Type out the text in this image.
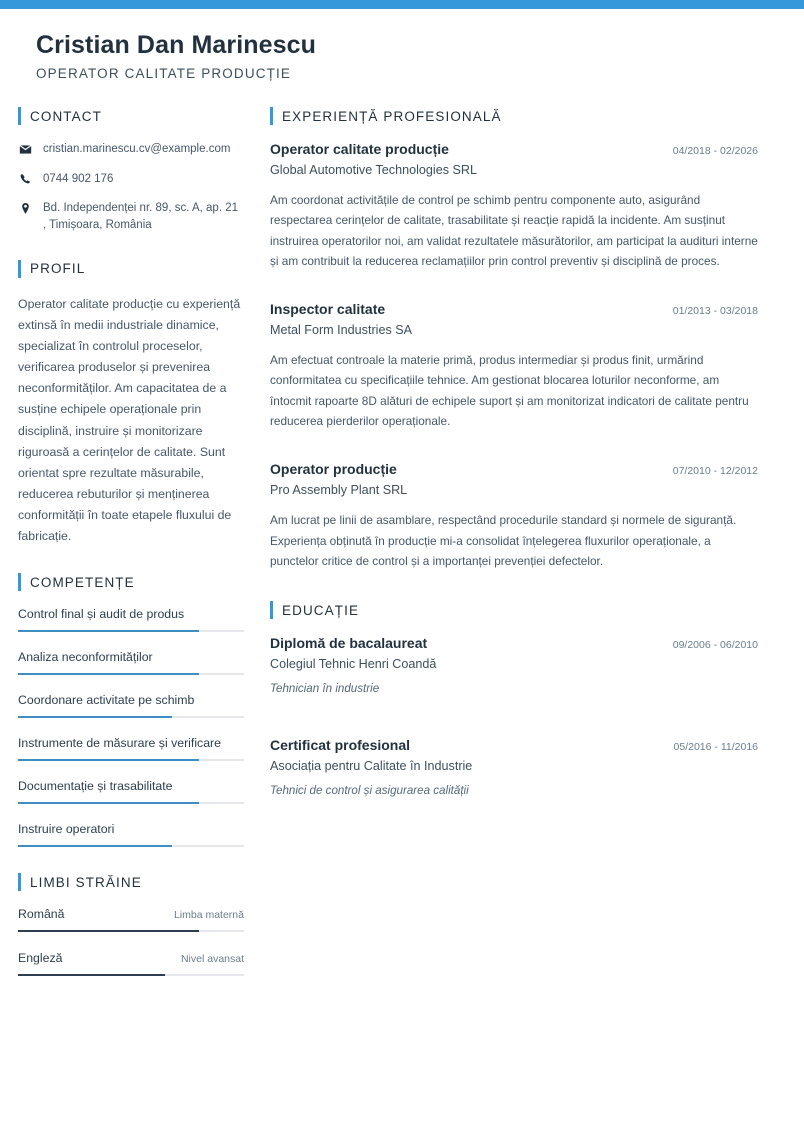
Cristian Dan Marinescu
OPERATOR CALITATE PRODUCȚIE
CONTACT
cristian.marinescu.cv@example.com
0744 902 176
Bd. Independenței nr. 89, sc. A, ap. 21 , Timișoara, România
PROFIL
Operator calitate producție cu experiență extinsă în medii industriale dinamice, specializat în controlul proceselor, verificarea produselor și prevenirea neconformităților. Am capacitatea de a susține echipele operaționale prin disciplină, instruire și monitorizare riguroasă a cerințelor de calitate. Sunt orientat spre rezultate măsurabile, reducerea rebuturilor și menținerea conformității în toate etapele fluxului de fabricație.
COMPETENȚE
Control final și audit de produs
Analiza neconformităților
Coordonare activitate pe schimb
Instrumente de măsurare și verificare
Documentație și trasabilitate
Instruire operatori
LIMBI STRĂINE
Română	Limba maternă
Engleză	Nivel avansat
EXPERIENȚĂ PROFESIONALĂ
Operator calitate producție	04/2018 - 02/2026
Global Automotive Technologies SRL
Am coordonat activitățile de control pe schimb pentru componente auto, asigurând respectarea cerințelor de calitate, trasabilitate și reacție rapidă la incidente. Am susținut instruirea operatorilor noi, am validat rezultatele măsurătorilor, am participat la audituri interne și am contribuit la reducerea reclamațiilor prin control preventiv și disciplină de proces.
Inspector calitate	01/2013 - 03/2018
Metal Form Industries SA
Am efectuat controale la materie primă, produs intermediar și produs finit, urmărind conformitatea cu specificațiile tehnice. Am gestionat blocarea loturilor neconforme, am întocmit rapoarte 8D alături de echipele suport și am monitorizat indicatori de calitate pentru reducerea pierderilor operaționale.
Operator producție	07/2010 - 12/2012
Pro Assembly Plant SRL
Am lucrat pe linii de asamblare, respectând procedurile standard și normele de siguranță. Experiența obținută în producție mi-a consolidat înțelegerea fluxurilor operaționale, a punctelor critice de control și a importanței prevenției defectelor.
EDUCAȚIE
Diplomă de bacalaureat	09/2006 - 06/2010
Colegiul Tehnic Henri Coandă
Tehnician în industrie
Certificat profesional	05/2016 - 11/2016
Asociația pentru Calitate în Industrie
Tehnici de control și asigurarea calității
